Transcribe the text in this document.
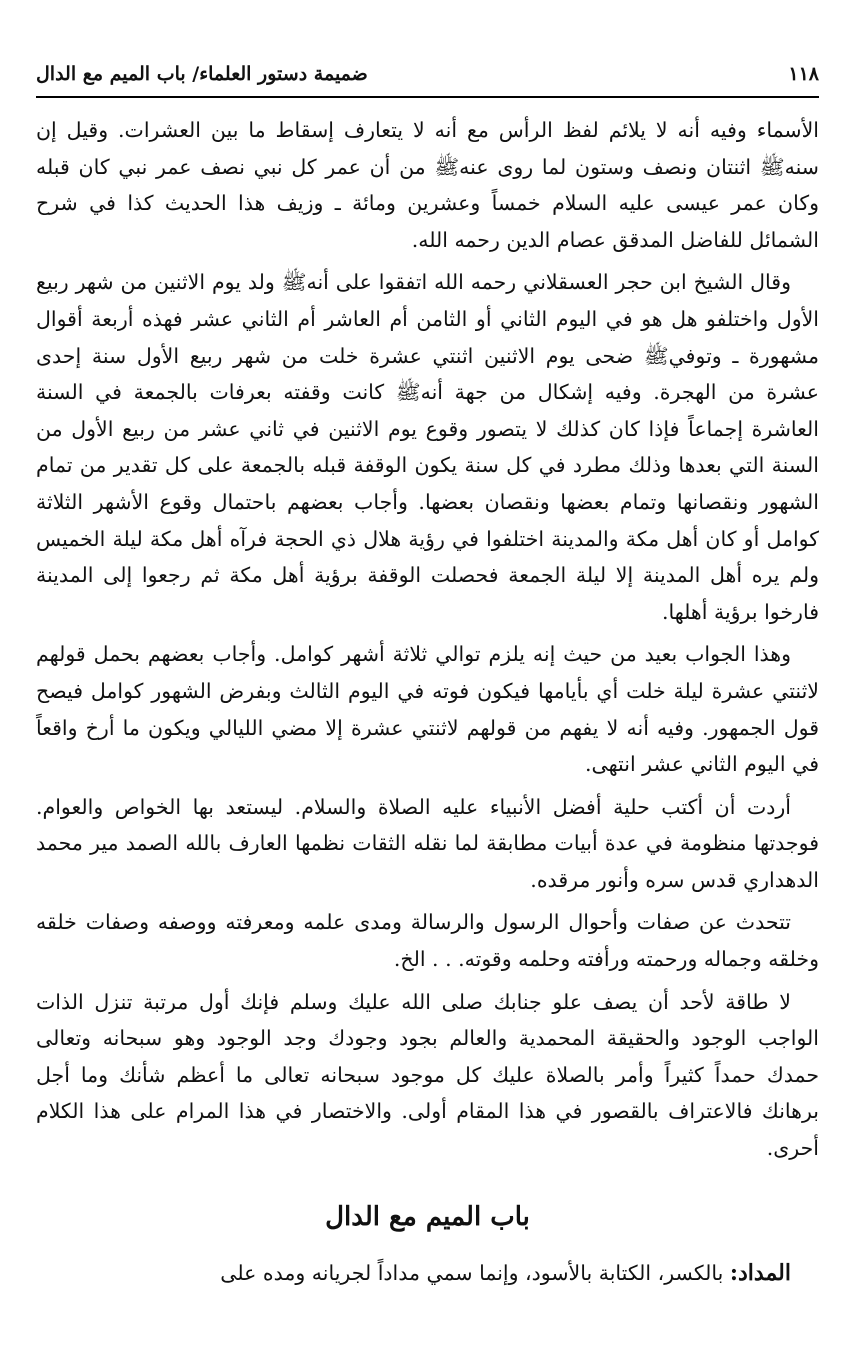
١١٨
ضميمة دستور العلماء/ باب الميم مع الدال

الأسماء وفيه أنه لا يلائم لفظ الرأس مع أنه لا يتعارف إسقاط ما بين العشرات. وقيل إن سنهﷺ اثنتان ونصف وستون لما روى عنهﷺ من أن عمر كل نبي نصف عمر نبي كان قبله وكان عمر عيسى عليه السلام خمساً وعشرين ومائة ـ وزيف هذا الحديث كذا في شرح الشمائل للفاضل المدقق عصام الدين رحمه الله.

وقال الشيخ ابن حجر العسقلاني رحمه الله اتفقوا على أنهﷺ ولد يوم الاثنين من شهر ربيع الأول واختلفو هل هو في اليوم الثاني أو الثامن أم العاشر أم الثاني عشر فهذه أربعة أقوال مشهورة ـ وتوفيﷺ ضحى يوم الاثنين اثنتي عشرة خلت من شهر ربيع الأول سنة إحدى عشرة من الهجرة. وفيه إشكال من جهة أنهﷺ كانت وقفته بعرفات بالجمعة في السنة العاشرة إجماعاً فإذا كان كذلك لا يتصور وقوع يوم الاثنين في ثاني عشر من ربيع الأول من السنة التي بعدها وذلك مطرد في كل سنة يكون الوقفة قبله بالجمعة على كل تقدير من تمام الشهور ونقصانها وتمام بعضها ونقصان بعضها. وأجاب بعضهم باحتمال وقوع الأشهر الثلاثة كوامل أو كان أهل مكة والمدينة اختلفوا في رؤية هلال ذي الحجة فرآه أهل مكة ليلة الخميس ولم يره أهل المدينة إلا ليلة الجمعة فحصلت الوقفة برؤية أهل مكة ثم رجعوا إلى المدينة فارخوا برؤية أهلها.

وهذا الجواب بعيد من حيث إنه يلزم توالي ثلاثة أشهر كوامل. وأجاب بعضهم بحمل قولهم لاثنتي عشرة ليلة خلت أي بأيامها فيكون فوته في اليوم الثالث وبفرض الشهور كوامل فيصح قول الجمهور. وفيه أنه لا يفهم من قولهم لاثنتي عشرة إلا مضي الليالي ويكون ما أرخ واقعاً في اليوم الثاني عشر انتهى.

أردت أن أكتب حلية أفضل الأنبياء عليه الصلاة والسلام. ليستعد بها الخواص والعوام. فوجدتها منظومة في عدة أبيات مطابقة لما نقله الثقات نظمها العارف بالله الصمد مير محمد الدهداري قدس سره وأنور مرقده.

تتحدث عن صفات وأحوال الرسول والرسالة ومدى علمه ومعرفته ووصفه وصفات خلقه وخلقه وجماله ورحمته ورأفته وحلمه وقوته. . . الخ.

لا طاقة لأحد أن يصف علو جنابك صلى الله عليك وسلم فإنك أول مرتبة تنزل الذات الواجب الوجود والحقيقة المحمدية والعالم بجود وجودك وجد الوجود وهو سبحانه وتعالى حمدك حمداً كثيراً وأمر بالصلاة عليك كل موجود سبحانه تعالى ما أعظم شأنك وما أجل برهانك فالاعتراف بالقصور في هذا المقام أولى. والاختصار في هذا المرام على هذا الكلام أحرى.

باب الميم مع الدال

المداد: بالكسر، الكتابة بالأسود، وإنما سمي مداداً لجريانه ومده على
